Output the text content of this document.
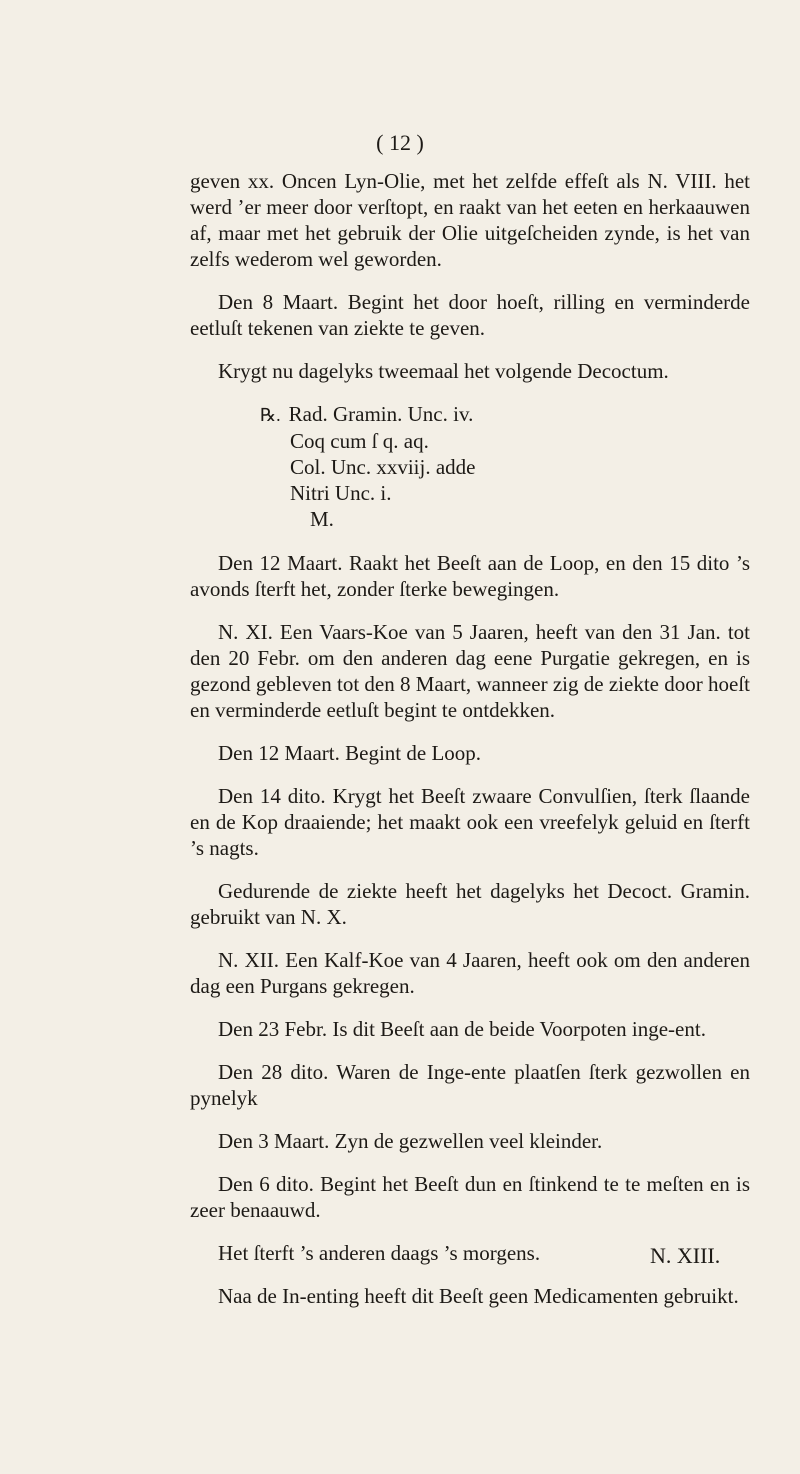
( 12 )

geven xx. Oncen Lyn-Olie, met het zelfde effeſt als N. VIII. het werd ’er meer door verſtopt, en raakt van het eeten en herkaauwen af, maar met het gebruik der Olie uitgeſcheiden zynde, is het van zelfs wederom wel geworden.

Den 8 Maart. Begint het door hoeſt, rilling en verminderde eetluſt tekenen van ziekte te geven.

Krygt nu dagelyks tweemaal het volgende Decoctum.

℞. Rad. Gramin. Unc. iv.
Coq cum ſ q. aq.
Col. Unc. xxviij. adde
Nitri Unc. i.
M.

Den 12 Maart. Raakt het Beeſt aan de Loop, en den 15 dito ’s avonds ſterft het, zonder ſterke bewegingen.

N. XI. Een Vaars-Koe van 5 Jaaren, heeft van den 31 Jan. tot den 20 Febr. om den anderen dag eene Purgatie gekregen, en is gezond gebleven tot den 8 Maart, wanneer zig de ziekte door hoeſt en verminderde eetluſt begint te ontdekken.

Den 12 Maart. Begint de Loop.

Den 14 dito. Krygt het Beeſt zwaare Convulſien, ſterk ſlaande en de Kop draaiende; het maakt ook een vreefelyk geluid en ſterft ’s nagts.

Gedurende de ziekte heeft het dagelyks het Decoct. Gramin. gebruikt van N. X.

N. XII. Een Kalf-Koe van 4 Jaaren, heeft ook om den anderen dag een Purgans gekregen.

Den 23 Febr. Is dit Beeſt aan de beide Voorpoten inge-ent.

Den 28 dito. Waren de Inge-ente plaatſen ſterk gezwollen en pynelyk

Den 3 Maart. Zyn de gezwellen veel kleinder.

Den 6 dito. Begint het Beeſt dun en ſtinkend te te meſten en is zeer benaauwd.

Het ſterft ’s anderen daags ’s morgens.

Naa de In-enting heeft dit Beeſt geen Medicamenten gebruikt.

N. XIII.
